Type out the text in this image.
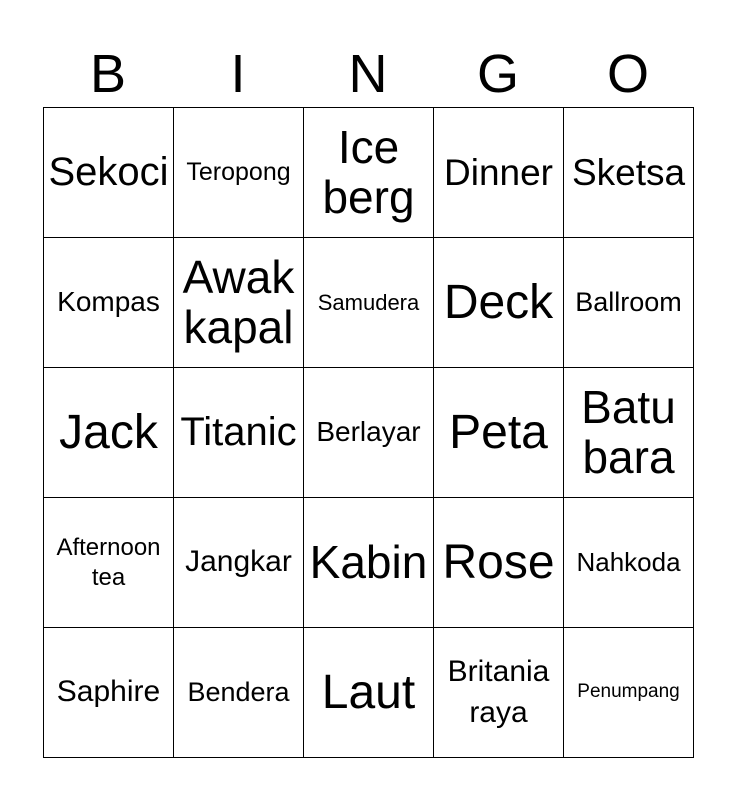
B	I	N	G	O
Sekoci	Teropong	Ice berg	Dinner	Sketsa

Kompas	Awak kapal	Samudera	Deck	Ballroom

Jack	Titanic	Berlayar	Peta	Batu bara

Afternoon tea	Jangkar	Kabin	Rose	Nahkoda

Saphire	Bendera	Laut	Britania raya	Penumpang
